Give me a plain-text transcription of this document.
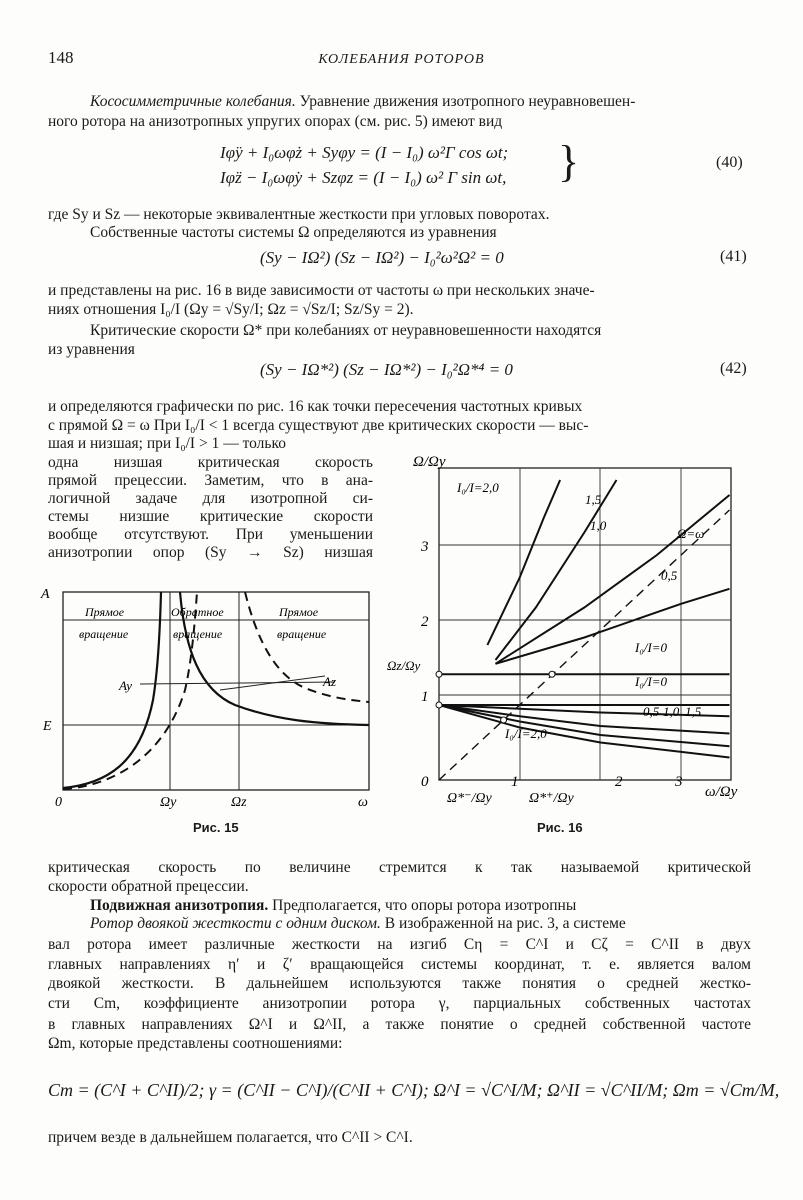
148	КОЛЕБАНИЯ РОТОРОВ
Кососимметричные колебания. Уравнение движения изотропного неуравновешен-
ного ротора на анизотропных упругих опорах (см. рис. 5) имеют вид
Iφ̈y + I₀ωφ̇z + Syφy = (I − I₀) ω²Γ cos ωt;
Iφ̈z − I₀ωφ̇y + Szφz = (I − I₀) ω² Γ sin ωt, }	(40)
где Sy и Sz — некоторые эквивалентные жесткости при угловых поворотах.
Собственные частоты системы Ω определяются из уравнения
(Sy − IΩ²) (Sz − IΩ²) − I₀²ω²Ω² = 0	(41)
и представлены на рис. 16 в виде зависимости от частоты ω при нескольких значе-
ниях отношения I₀/I (Ωy = √Sy/I; Ωz = √Sz/I; Sz/Sy = 2).
Критические скорости Ω* при колебаниях от неуравновешенности находятся
из уравнения
(Sy − IΩ*²) (Sz − IΩ*²) − I₀²Ω*⁴ = 0	(42)
и определяются графически по рис. 16 как точки пересечения частотных кривых
с прямой Ω = ω При I₀/I < 1 всегда существуют две критических скорости — выс-
шая и низшая; при I₀/I > 1 — только
одна низшая критическая скорость
прямой прецессии. Заметим, что в ана-
логичной задаче для изотропной си-
стемы низшие критические скорости
вообще отсутствуют. При уменьшении
анизотропии опор (Sy → Sz) низшая
A
E
0	Ωy	Ωz	ω
Прямое
вращение
Обратное
вращение
Прямое
вращение
Ay	Az
Рис. 15
I₀/I=2,0
1,5
1,0
Ω=ω
0,5
I₀/I=0
I₀/I=0
0,5 1,0 1,5
I₀/I=2,0
Ω/Ωy
ω/Ωy
3
2
Ωz/Ωy
1
0	1	2	3
Ω*⁻/Ωy	Ω*⁺/Ωy
Рис. 16
критическая скорость по величине стремится к так называемой критической
скорости обратной прецессии.
Подвижная анизотропия. Предполагается, что опоры ротора изотропны
Ротор двоякой жесткости с одним диском. В изображенной на рис. 3, a системе
вал ротора имеет различные жесткости на изгиб Cη = C^I и Cζ = C^II в двух
главных направлениях η′ и ζ′ вращающейся системы координат, т. е. является валом
двоякой жесткости. В дальнейшем используются также понятия о средней жестко-
сти Cm, коэффициенте анизотропии ротора γ, парциальных собственных частотах
в главных направлениях Ω^I и Ω^II, а также понятие о средней собственной частоте
Ωm, которые представлены соотношениями:
Cm = (C^I + C^II)/2; γ = (C^II − C^I)/(C^II + C^I); Ω^I = √C^I/M; Ω^II = √C^II/M; Ωm = √Cm/M,
причем везде в дальнейшем полагается, что C^II > C^I.
